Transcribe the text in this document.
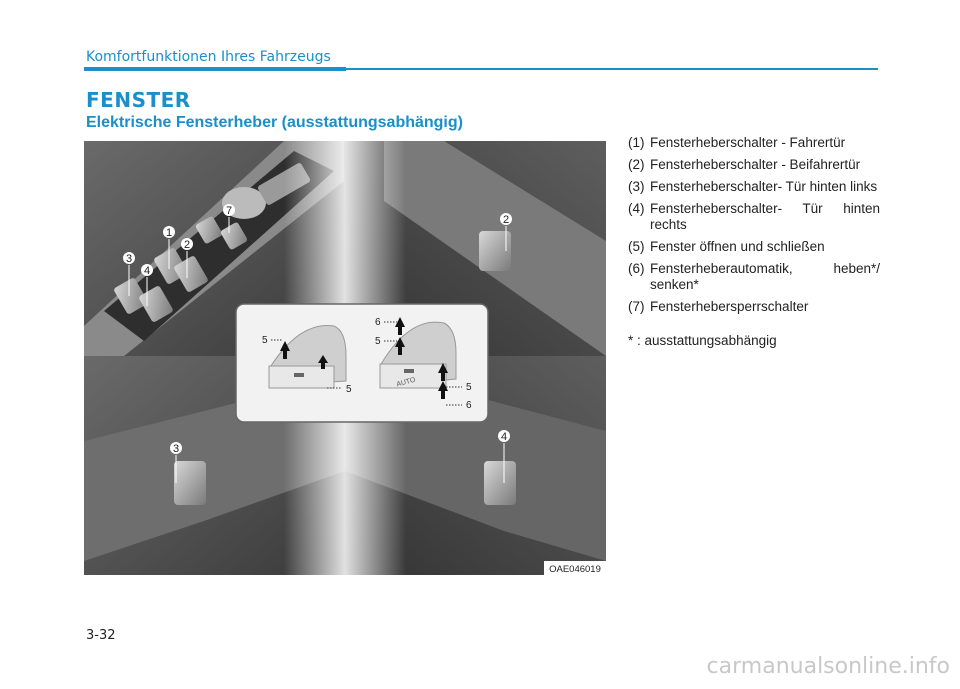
Komfortfunktionen Ihres Fahrzeugs
FENSTER
Elektrische Fensterheber (ausstattungsabhängig)
1
2
3
4
7
2
3
4
5
5
6
5
5
6
AUTO
OAE046019
(1) Fensterheberschalter - Fahrertür
(2) Fensterheberschalter - Beifahrertür
(3) Fensterheberschalter- Tür hinten links
(4) Fensterheberschalter- Tür hinten rechts
(5) Fenster öffnen und schließen
(6) Fensterheberautomatik, heben*/ senken*
(7) Fensterhebersperrschalter
* : ausstattungsabhängig
3-32
carmanualsonline.info
